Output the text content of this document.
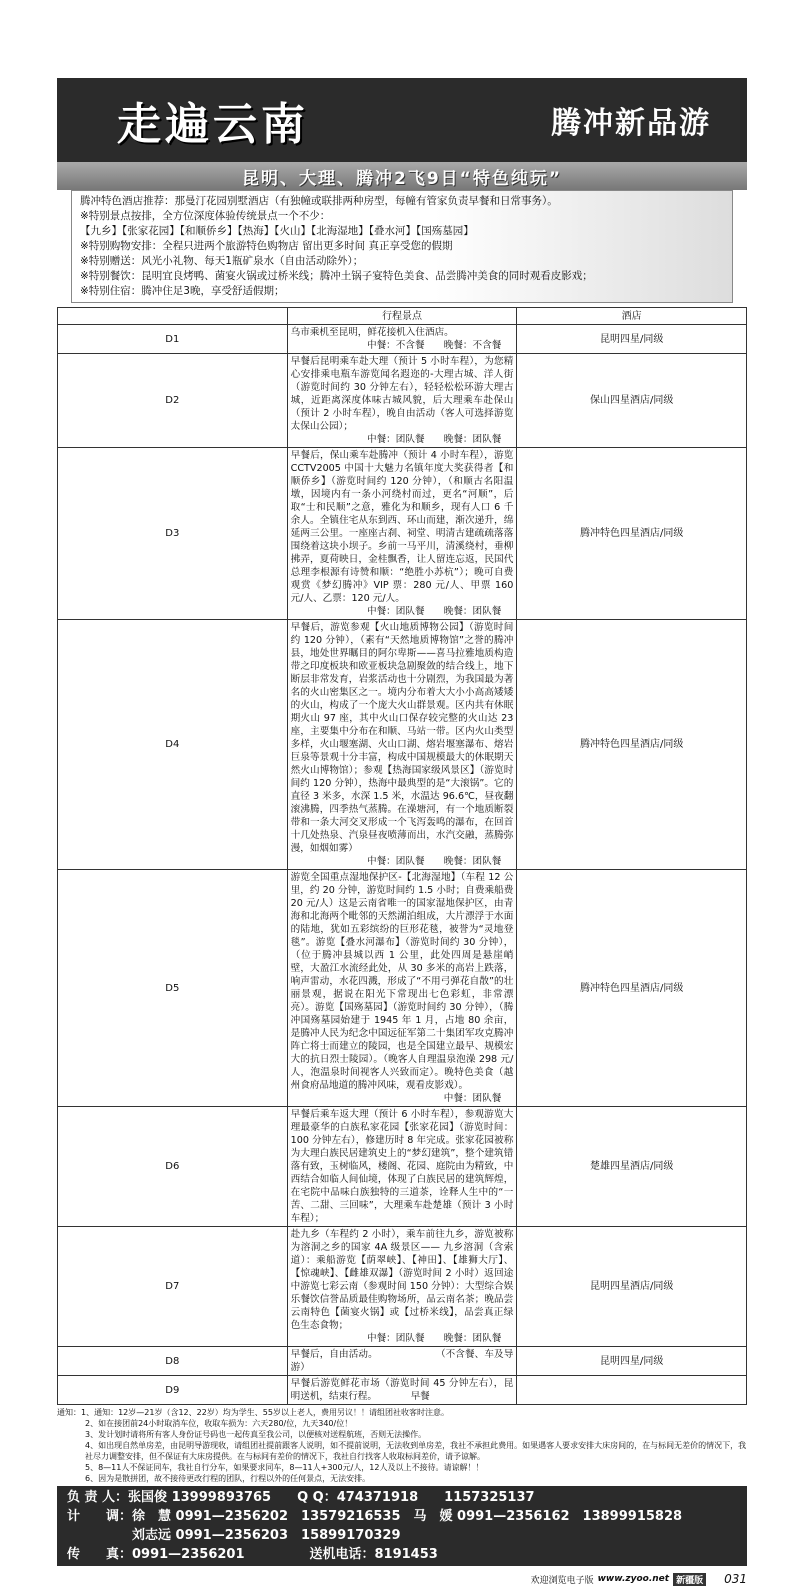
走遍云南	腾冲新品游
昆明、大理、腾冲2飞9日“特色纯玩”
腾冲特色酒店推荐：那曼汀花园别墅酒店（有独幢或联排两种房型，每幢有管家负责早餐和日常事务）。
※特别景点按排，全方位深度体验传统景点一个不少：
【九乡】【张家花园】【和顺侨乡】【热海】【火山】【北海湿地】【叠水河】【国殇墓园】
※特别购物安排：全程只进两个旅游特色购物店 留出更多时间 真正享受您的假期
※特别赠送：风光小礼物、每天1瓶矿泉水（自由活动除外）；
※特别餐饮：昆明宜良烤鸭、菌宴火锅或过桥米线；腾冲土锅子宴特色美食、品尝腾冲美食的同时观看皮影戏；
※特别住宿：腾冲住足3晚，享受舒适假期；
	行程景点	酒店
D1	乌市乘机至昆明，鲜花接机入住酒店。
中餐：不含餐　　晚餐：不含餐	昆明四星/同级
D2	早餐后昆明乘车赴大理（预计 5 小时车程），为您精心安排乘电瓶车游览闻名遐迩的-大理古城、洋人街（游览时间约 30 分钟左右），轻轻松松环游大理古城，近距离深度体味古城风貌，后大理乘车赴保山（预计 2 小时车程），晚自由活动（客人可选择游览太保山公园）；
中餐：团队餐　　晚餐：团队餐	保山四星酒店/同级
D3	早餐后，保山乘车赴腾冲（预计 4 小时车程），游览 CCTV2005 中国十大魅力名镇年度大奖获得者【和顺侨乡】（游览时间约 120 分钟），（和顺古名阳温墩，因境内有一条小河绕村而过，更名“河顺”，后取“士和民顺”之意，雅化为和顺乡，现有人口 6 千余人。全镇住宅从东到西、环山而建，渐次递升，绵延两三公里。一座座古刹、祠堂、明清古建疏疏落落围绕着这块小坝子。乡前一马平川，清溪绕村，垂柳拂弄，夏荷映日，金桂飘香，让人留连忘返，民国代总理李根源有诗赞和顺：“绝胜小苏杭”）；晚可自费观赏《梦幻腾冲》VIP 票：280 元/人、甲票 160 元/人、乙票：120 元/人。
中餐：团队餐　　晚餐：团队餐	腾冲特色四星酒店/同级
D4	早餐后，游览参观【火山地质博物公园】（游览时间约 120 分钟），（素有“天然地质博物馆”之誉的腾冲县，地处世界瞩目的阿尔卑斯——喜马拉雅地质构造带之印度板块和欧亚板块急剧聚敛的结合线上，地下断层非常发育，岩浆活动也十分剧烈，为我国最为著名的火山密集区之一。境内分布着大大小小高高矮矮的火山，构成了一个庞大火山群景观。区内共有休眠期火山 97 座，其中火山口保存较完整的火山达 23 座，主要集中分布在和顺、马站一带。区内火山类型多样，火山堰塞湖、火山口湖、熔岩堰塞瀑布、熔岩巨泉等景观十分丰富，构成中国规模最大的休眠期天然火山博物馆）；参观【热海国家级风景区】（游览时间约 120 分钟），热海中最典型的是“大滚锅”。它的直径 3 米多，水深 1.5 米，水温达 96.6℃，昼夜翻滚沸腾，四季热气蒸腾。在澡塘河，有一个地质断裂带和一条大河交叉形成一个飞泻轰鸣的瀑布，在回首十几处热泉、汽泉昼夜喷薄而出，水汽交融，蒸腾弥漫，如烟如雾）
中餐：团队餐　　晚餐：团队餐	腾冲特色四星酒店/同级
D5	游览全国重点湿地保护区-【北海湿地】（车程 12 公里，约 20 分钟，游览时间约 1.5 小时；自费乘船费 20 元/人）这是云南省唯一的国家湿地保护区，由青海和北海两个毗邻的天然湖泊组成，大片漂浮于水面的陆地，犹如五彩缤纷的巨形花毯，被誉为“灵地登毯”。游览【叠水河瀑布】（游览时间约 30 分钟），（位于腾冲县城以西 1 公里，此处四周是悬崖峭壁，大盈江水流经此处，从 30 多米的高岩上跌落，响声雷动，水花四溅，形成了“不用弓弹花自散”的壮丽景观，据说在阳光下常现出七色彩虹，非常漂亮）。游览【国殇墓园】（游览时间约 30 分钟），（腾冲国殇墓园始建于 1945 年 1 月，占地 80 余亩，是腾冲人民为纪念中国远征军第二十集团军攻克腾冲阵亡将士而建立的陵园，也是全国建立最早、规模宏大的抗日烈士陵园）。（晚客人自理温泉泡澡 298 元/人，泡温泉时间视客人兴致而定）。晚特色美食（越州食府品地道的腾冲风味，观看皮影戏）。
中餐：团队餐	腾冲特色四星酒店/同级
D6	早餐后乘车返大理（预计 6 小时车程），参观游览大理最豪华的白族私家花园【张家花园】（游览时间：100 分钟左右），修建历时 8 年完成。张家花园被称为大理白族民居建筑史上的“梦幻建筑”，整个建筑错落有致，玉树临风，楼阁、花园、庭院由为精致，中西结合如临人间仙境，体现了白族民居的建筑辉煌，在宅院中品味白族独特的三道茶，诠释人生中的“一苦、二甜、三回味”，大理乘车赴楚雄（预计 3 小时车程）；	楚雄四星酒店/同级
D7	赴九乡（车程约 2 小时），乘车前往九乡，游览被称为溶洞之乡的国家 4A 级景区—— 九乡溶洞（含索道）：乘船游览【荫翠峡】、【神田】、【雄狮大厅】、【惊魂峡】、【雌雄双瀑】（游览时间 2 小时）返回途中游览七彩云南（参观时间 150 分钟）：大型综合娱乐餐饮信誉品质最佳购物场所，品云南名茶；晚品尝云南特色【菌宴火锅】或【过桥米线】，品尝真正绿色生态食物；
中餐：团队餐　　晚餐：团队餐	昆明四星酒店/同级
D8	早餐后，自由活动。　　　　　　　（不含餐、车及导游）	昆明四星/同级
D9	早餐后游览鲜花市场（游览时间 45 分钟左右），昆明送机，结束行程。　　　　早餐	

通知：1、通知：12岁—21岁（含12、22岁）均为学生、55岁以上老人，费用另议！！请组团社收客时注意。
2、如在接团前24小时取消车位，收取车损为：六天280/位，九天340/位！
3、发计划时请将所有客人身份证号码也一起传真至我公司，以便核对送程航班，否则无法操作。
4、如出现自然单房差，由昆明导游现收，请组团社提前跟客人说明，如不提前说明，无法收到单房差，我社不承担此费用。如果遇客人要求安排大床房间的，在与标间无差价的情况下，我社尽力调整安排，但不保证有大床房提供。在与标间有差价的情况下，我社自行找客人收取标间差价，请予谅解。
5、8—11人不保证同车，我社自行分车，如果要求同车，8—11人+300元/人，12人及以上不接待。请谅解！！
6、因为是散拼团，故不接待更改行程的团队，行程以外的任何景点，无法安排。
负 责 人：张国俊 13999893765　　Q Q：474371918　　1157325137
计　　调：徐　慧 0991—2356202　13579216535　马　媛 0991—2356162　13899915828
　　　　　刘志远 0991—2356203　15899170329
传　　真：0991—2356201　　　　　送机电话：8191453
欢迎浏览电子版 www.zyoo.net 新疆版 031
